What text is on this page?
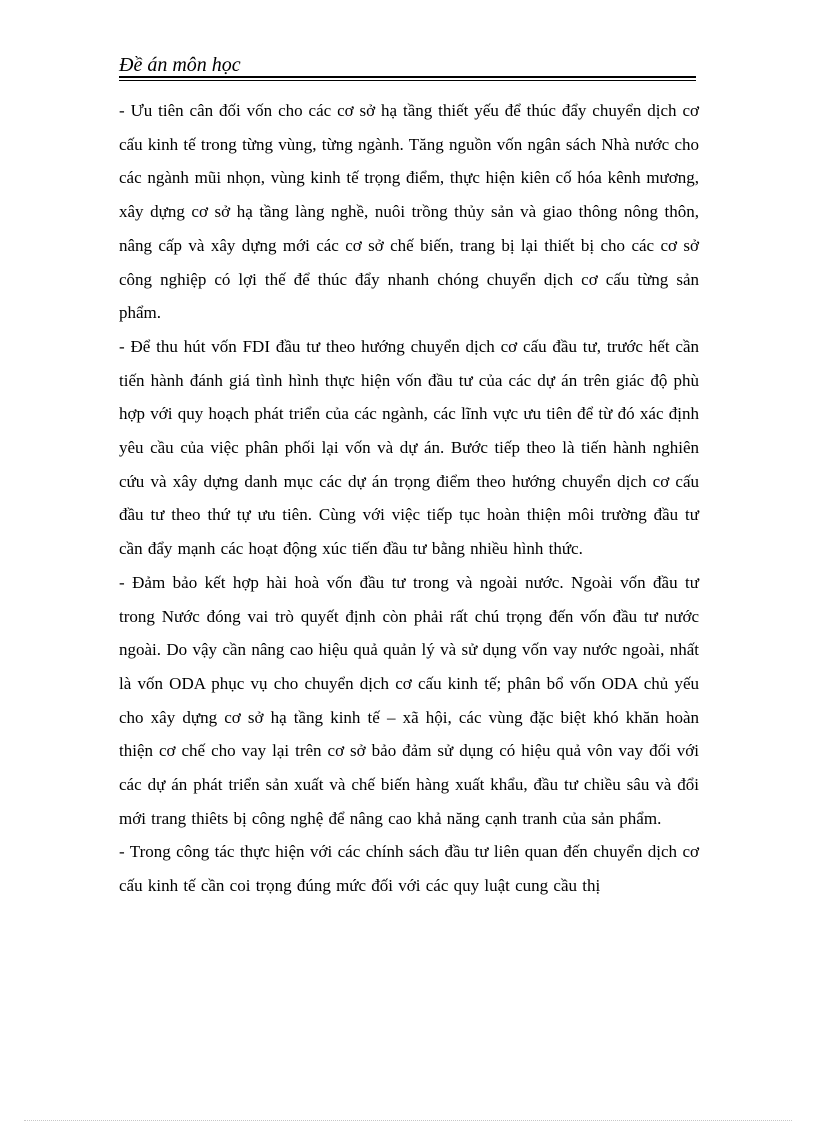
Đề án môn học

- Ưu tiên cân đối vốn cho các cơ sở hạ tầng thiết yếu để thúc đẩy chuyển dịch cơ cấu kinh tế trong từng vùng, từng ngành. Tăng nguồn vốn ngân sách Nhà nước cho các ngành mũi nhọn, vùng kinh tế trọng điểm, thực hiện kiên cố hóa kênh mương, xây dựng cơ sở hạ tầng làng nghề, nuôi trồng thủy sản và giao thông nông thôn, nâng cấp và xây dựng mới các cơ sở chế biến, trang bị lại thiết bị cho các cơ sở công nghiệp có lợi thế để thúc đẩy nhanh chóng chuyển dịch cơ cấu từng sản phẩm.

- Để thu hút vốn FDI đầu tư theo hướng chuyển dịch cơ cấu đầu tư, trước hết cần tiến hành đánh giá tình hình thực hiện vốn đầu tư của các dự án trên giác độ phù hợp với quy hoạch phát triển của các ngành, các lĩnh vực ưu tiên để từ đó xác định yêu cầu của việc phân phối lại vốn và dự án. Bước tiếp theo là tiến hành nghiên cứu và xây dựng danh mục các dự án trọng điểm theo hướng chuyển dịch cơ cấu đầu tư theo thứ tự ưu tiên. Cùng với việc tiếp tục hoàn thiện môi trường đầu tư cần đẩy mạnh các hoạt động xúc tiến đầu tư bằng nhiều hình thức.

- Đảm bảo kết hợp hài hoà vốn đầu tư trong và ngoài nước. Ngoài vốn đầu tư trong Nước đóng vai trò quyết định còn phải rất chú trọng đến vốn đầu tư nước ngoài. Do vậy cần nâng cao hiệu quả quản lý và sử dụng vốn vay nước ngoài, nhất là vốn ODA phục vụ cho chuyển dịch cơ cấu kinh tế; phân bổ vốn ODA chủ yếu cho xây dựng cơ sở hạ tầng kinh tế – xã hội, các vùng đặc biệt khó khăn hoàn thiện cơ chế cho vay lại trên cơ sở bảo đảm sử dụng có hiệu quả vôn vay đối với các dự án phát triển sản xuất và chế biến hàng xuất khẩu, đầu tư chiều sâu và đổi mới trang thiêts bị công nghệ để nâng cao khả năng cạnh tranh của sản phẩm.

- Trong công tác thực hiện với các chính sách đầu tư liên quan đến chuyển dịch cơ cấu kinh tế cần coi trọng đúng mức đối với các quy luật cung cầu thị
